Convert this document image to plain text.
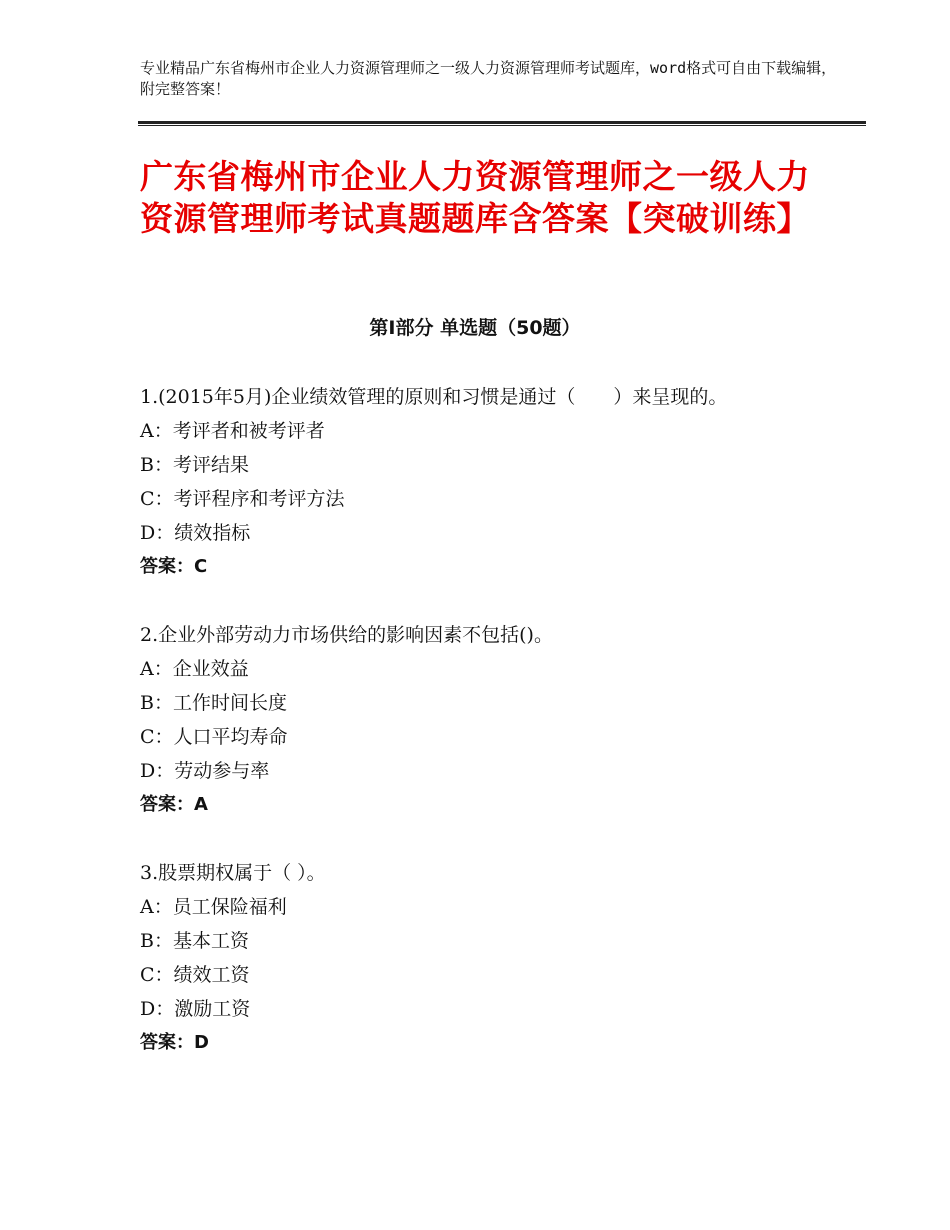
专业精品广东省梅州市企业人力资源管理师之一级人力资源管理师考试题库，word格式可自由下载编辑，附完整答案！
广东省梅州市企业人力资源管理师之一级人力资源管理师考试真题题库含答案【突破训练】
第Ⅰ部分 单选题（50题）
1.(2015年5月)企业绩效管理的原则和习惯是通过（　　）来呈现的。
A：考评者和被考评者
B：考评结果
C：考评程序和考评方法
D：绩效指标
答案：C
2.企业外部劳动力市场供给的影响因素不包括()。
A：企业效益
B：工作时间长度
C：人口平均寿命
D：劳动参与率
答案：A
3.股票期权属于（ ）。
A：员工保险福利
B：基本工资
C：绩效工资
D：激励工资
答案：D
